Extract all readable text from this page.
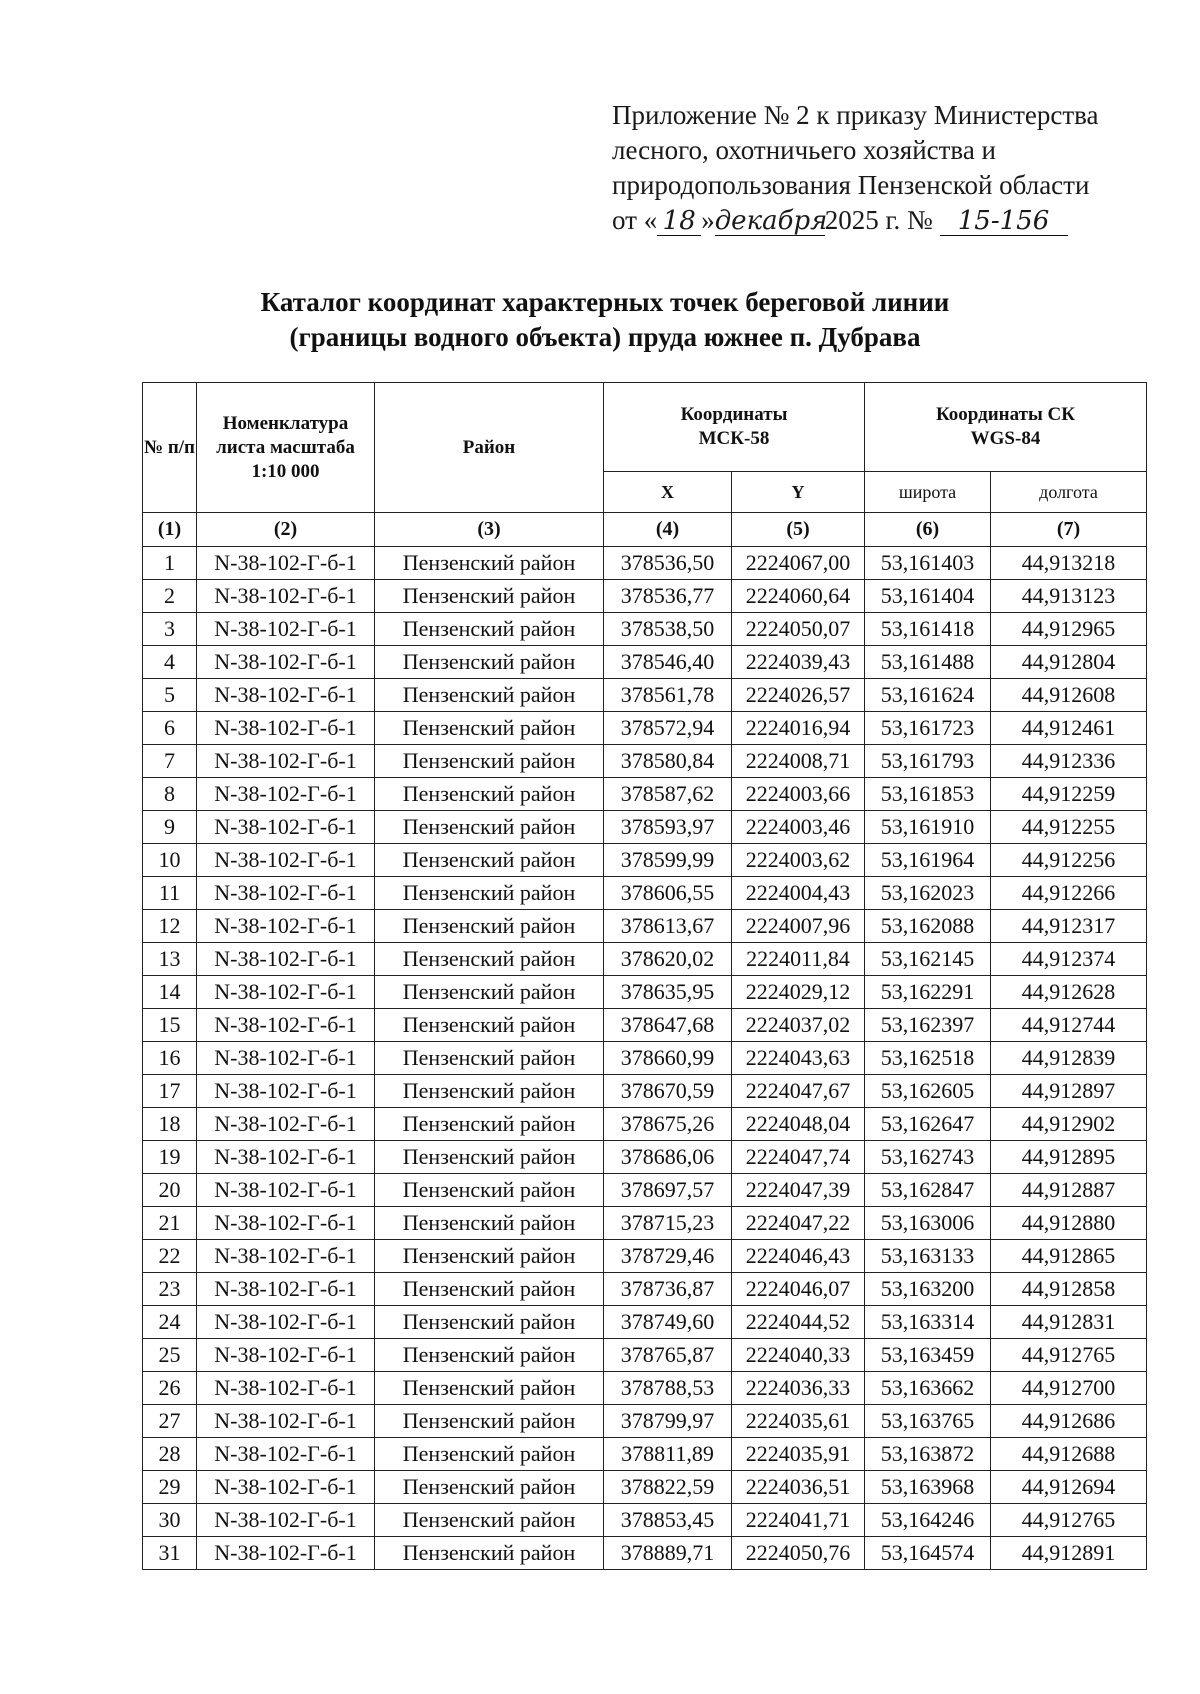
Приложение № 2 к приказу Министерства
лесного, охотничьего хозяйства и
природопользования Пензенской области
от « 18 »декабря2025 г. № 15-156
Каталог координат характерных точек береговой линии
(границы водного объекта) пруда южнее п. Дубрава
№ п/п	Номенклатура листа масштаба 1:10 000	Район	Координаты МСК-58		Координаты СК WGS-84	
			X	Y	широта	долгота
(1)	(2)	(3)	(4)	(5)	(6)	(7)
1	N-38-102-Г-б-1	Пензенский район	378536,50	2224067,00	53,161403	44,913218
2	N-38-102-Г-б-1	Пензенский район	378536,77	2224060,64	53,161404	44,913123
3	N-38-102-Г-б-1	Пензенский район	378538,50	2224050,07	53,161418	44,912965
4	N-38-102-Г-б-1	Пензенский район	378546,40	2224039,43	53,161488	44,912804
5	N-38-102-Г-б-1	Пензенский район	378561,78	2224026,57	53,161624	44,912608
6	N-38-102-Г-б-1	Пензенский район	378572,94	2224016,94	53,161723	44,912461
7	N-38-102-Г-б-1	Пензенский район	378580,84	2224008,71	53,161793	44,912336
8	N-38-102-Г-б-1	Пензенский район	378587,62	2224003,66	53,161853	44,912259
9	N-38-102-Г-б-1	Пензенский район	378593,97	2224003,46	53,161910	44,912255
10	N-38-102-Г-б-1	Пензенский район	378599,99	2224003,62	53,161964	44,912256
11	N-38-102-Г-б-1	Пензенский район	378606,55	2224004,43	53,162023	44,912266
12	N-38-102-Г-б-1	Пензенский район	378613,67	2224007,96	53,162088	44,912317
13	N-38-102-Г-б-1	Пензенский район	378620,02	2224011,84	53,162145	44,912374
14	N-38-102-Г-б-1	Пензенский район	378635,95	2224029,12	53,162291	44,912628
15	N-38-102-Г-б-1	Пензенский район	378647,68	2224037,02	53,162397	44,912744
16	N-38-102-Г-б-1	Пензенский район	378660,99	2224043,63	53,162518	44,912839
17	N-38-102-Г-б-1	Пензенский район	378670,59	2224047,67	53,162605	44,912897
18	N-38-102-Г-б-1	Пензенский район	378675,26	2224048,04	53,162647	44,912902
19	N-38-102-Г-б-1	Пензенский район	378686,06	2224047,74	53,162743	44,912895
20	N-38-102-Г-б-1	Пензенский район	378697,57	2224047,39	53,162847	44,912887
21	N-38-102-Г-б-1	Пензенский район	378715,23	2224047,22	53,163006	44,912880
22	N-38-102-Г-б-1	Пензенский район	378729,46	2224046,43	53,163133	44,912865
23	N-38-102-Г-б-1	Пензенский район	378736,87	2224046,07	53,163200	44,912858
24	N-38-102-Г-б-1	Пензенский район	378749,60	2224044,52	53,163314	44,912831
25	N-38-102-Г-б-1	Пензенский район	378765,87	2224040,33	53,163459	44,912765
26	N-38-102-Г-б-1	Пензенский район	378788,53	2224036,33	53,163662	44,912700
27	N-38-102-Г-б-1	Пензенский район	378799,97	2224035,61	53,163765	44,912686
28	N-38-102-Г-б-1	Пензенский район	378811,89	2224035,91	53,163872	44,912688
29	N-38-102-Г-б-1	Пензенский район	378822,59	2224036,51	53,163968	44,912694
30	N-38-102-Г-б-1	Пензенский район	378853,45	2224041,71	53,164246	44,912765
31	N-38-102-Г-б-1	Пензенский район	378889,71	2224050,76	53,164574	44,912891
